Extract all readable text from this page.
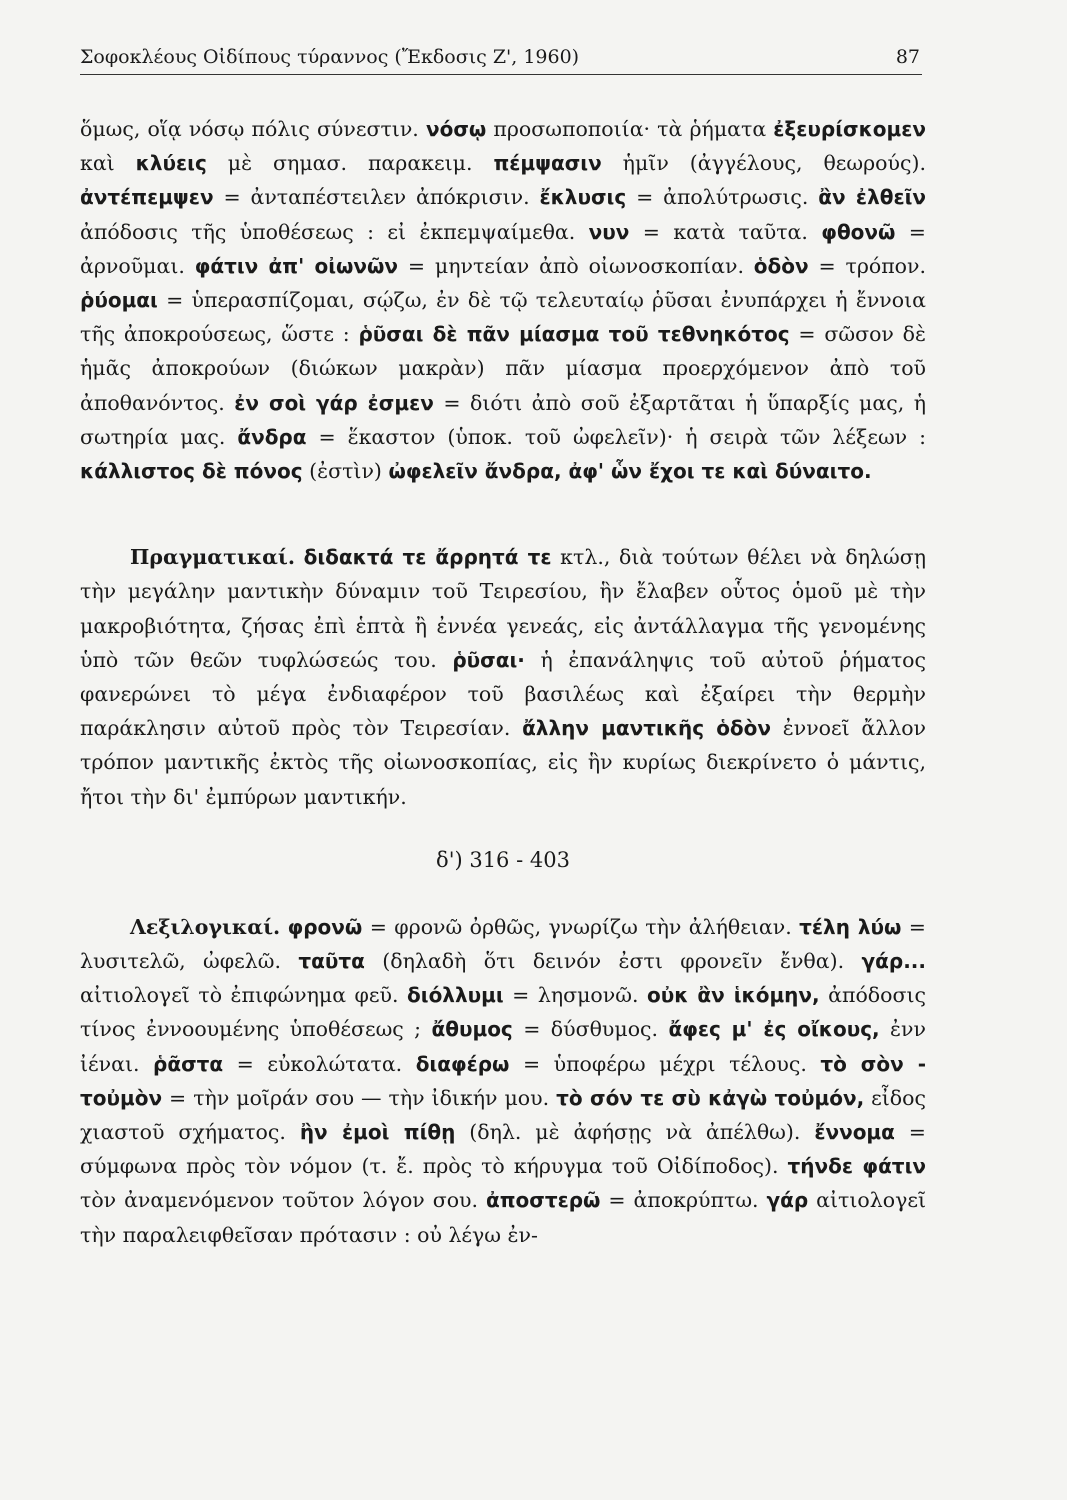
Σοφοκλέους Οἰδίπους τύραννος (Ἔκδοσις Ζ', 1960)	87

ὅμως, οἵᾳ νόσῳ πόλις σύνεστιν. νόσῳ προσωποποιία· τὰ ῥήματα ἐξευρίσκομεν καὶ κλύεις μὲ σημασ. παρακειμ. πέμψασιν ἡμῖν (ἀγγέλους, θεωρούς). ἀντέπεμψεν = ἀνταπέστειλεν ἀπόκρισιν. ἔκλυσις = ἀπολύτρωσις. ἂν ἐλθεῖν ἀπόδοσις τῆς ὑποθέσεως : εἰ ἐκπεμψαίμεθα. νυν = κατὰ ταῦτα. φθονῶ = ἀρνοῦμαι. φάτιν ἀπ' οἰωνῶν = μηντείαν ἀπὸ οἰωνοσκοπίαν. ὁδὸν = τρόπον. ῥύομαι = ὑπερασπίζομαι, σῴζω, ἐν δὲ τῷ τελευταίῳ ῥῦσαι ἐνυπάρχει ἡ ἔννοια τῆς ἀποκρούσεως, ὥστε : ῥῦσαι δὲ πᾶν μίασμα τοῦ τεθνηκότος = σῶσον δὲ ἡμᾶς ἀποκρούων (διώκων μακρὰν) πᾶν μίασμα προερχόμενον ἀπὸ τοῦ ἀποθανόντος. ἐν σοὶ γάρ ἐσμεν = διότι ἀπὸ σοῦ ἐξαρτᾶται ἡ ὕπαρξίς μας, ἡ σωτηρία μας. ἄνδρα = ἕκαστον (ὑποκ. τοῦ ὠφελεῖν)· ἡ σειρὰ τῶν λέξεων : κάλλιστος δὲ πόνος (ἐστὶν) ὠφελεῖν ἄνδρα, ἀφ' ὧν ἔχοι τε καὶ δύναιτο.

Πραγματικαί. διδακτά τε ἄρρητά τε κτλ., διὰ τούτων θέλει νὰ δηλώσῃ τὴν μεγάλην μαντικὴν δύναμιν τοῦ Τειρεσίου, ἣν ἔλαβεν οὗτος ὁμοῦ μὲ τὴν μακροβιότητα, ζήσας ἐπὶ ἑπτὰ ἢ ἐννέα γενεάς, εἰς ἀντάλλαγμα τῆς γενομένης ὑπὸ τῶν θεῶν τυφλώσεώς του. ῥῦσαι· ἡ ἐπανάληψις τοῦ αὐτοῦ ῥήματος φανερώνει τὸ μέγα ἐνδιαφέρον τοῦ βασιλέως καὶ ἐξαίρει τὴν θερμὴν παράκλησιν αὐτοῦ πρὸς τὸν Τειρεσίαν. ἄλλην μαντικῆς ὁδὸν ἐννοεῖ ἄλλον τρόπον μαντικῆς ἐκτὸς τῆς οἰωνοσκοπίας, εἰς ἣν κυρίως διεκρίνετο ὁ μάντις, ἤτοι τὴν δι' ἐμπύρων μαντικήν.

δ') 316 - 403

Λεξιλογικαί. φρονῶ = φρονῶ ὀρθῶς, γνωρίζω τὴν ἀλήθειαν. τέλη λύω = λυσιτελῶ, ὠφελῶ. ταῦτα (δηλαδὴ ὅτι δεινόν ἐστι φρονεῖν ἔνθα). γάρ... αἰτιολογεῖ τὸ ἐπιφώνημα φεῦ. διόλλυμι = λησμονῶ. οὐκ ἂν ἱκόμην, ἀπόδοσις τίνος ἐννοουμένης ὑποθέσεως ; ἄθυμος = δύσθυμος. ἄφες μ' ἐς οἴκους, ἐνν ἰέναι. ῥᾶστα = εὐκολώτατα. διαφέρω = ὑποφέρω μέχρι τέλους. τὸ σὸν - τοὐμὸν = τὴν μοῖράν σου — τὴν ἰδικήν μου. τὸ σόν τε σὺ κἀγὼ τοὐμόν, εἶδος χιαστοῦ σχήματος. ἢν ἐμοὶ πίθῃ (δηλ. μὲ ἀφήσῃς νὰ ἀπέλθω). ἔννομα = σύμφωνα πρὸς τὸν νόμον (τ. ἔ. πρὸς τὸ κήρυγμα τοῦ Οἰδίποδος). τήνδε φάτιν τὸν ἀναμενόμενον τοῦτον λόγον σου. ἀποστερῶ = ἀποκρύπτω. γάρ αἰτιολογεῖ τὴν παραλειφθεῖσαν πρότασιν : οὐ λέγω ἐν-
